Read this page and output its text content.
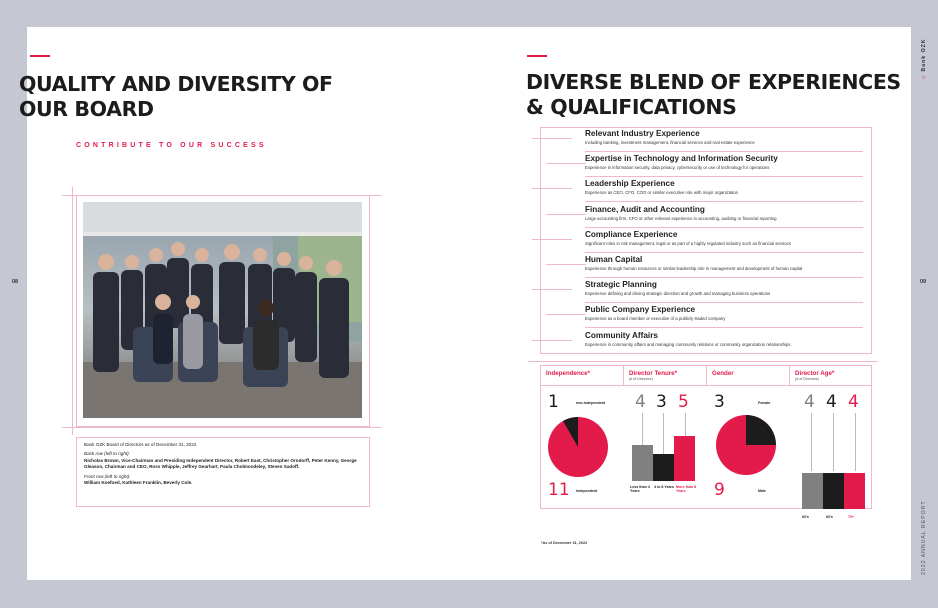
QUALITY AND DIVERSITY OF
OUR BOARD
CONTRIBUTE TO OUR SUCCESS
08
Bank OZK Board of Directors as of December 31, 2022.
Back row (left to right):
Nicholas Brown, Vice-Chairman and Presiding Independent Director, Robert East, Christopher Orndorff, Peter Kenny, George Gleason, Chairman and CEO, Ross Whipple, Jeffrey Gearhart, Paula Cholmondeley, Steven Sadoff.
Front row (left to right):
William Koefoed, Kathleen Franklin, Beverly Cole.
DIVERSE BLEND OF EXPERIENCES
& QUALIFICATIONS
09
Relevant Industry Experience
Including banking, investment management, financial services and real estate experience
Expertise in Technology and Information Security
Experience in information security, data privacy, cybersecurity or use of technology for operations
Leadership Experience
Experience as CEO, CFO, COO or similar executive role with major organization
Finance, Audit and Accounting
Large accounting firm, CFO or other relevant experience in accounting, auditing or financial reporting
Compliance Experience
Significant roles in risk management, legal or as part of a highly regulated industry such as financial services
Human Capital
Experience through human resources or similar leadership role in management and development of human capital
Strategic Planning
Experience defining and driving strategic direction and growth and managing business operations
Public Company Experience
Experience as a board member or executive of a publicly-traded company
Community Affairs
Experience in community affairs and managing community relations or community organization relationships
Independence*
1	non-independent
11 independent
Director Tenure*
(# of Directors)
4 3 5
Less than 4 Years
4 to 8 Years More than 8 Years
Gender
3	Female
9	Male
Director Age*
(# of Directors)
4 4 4
60's	60's	70+
*As of December 31, 2022
◇ Bank OZK
2022 ANNUAL REPORT
